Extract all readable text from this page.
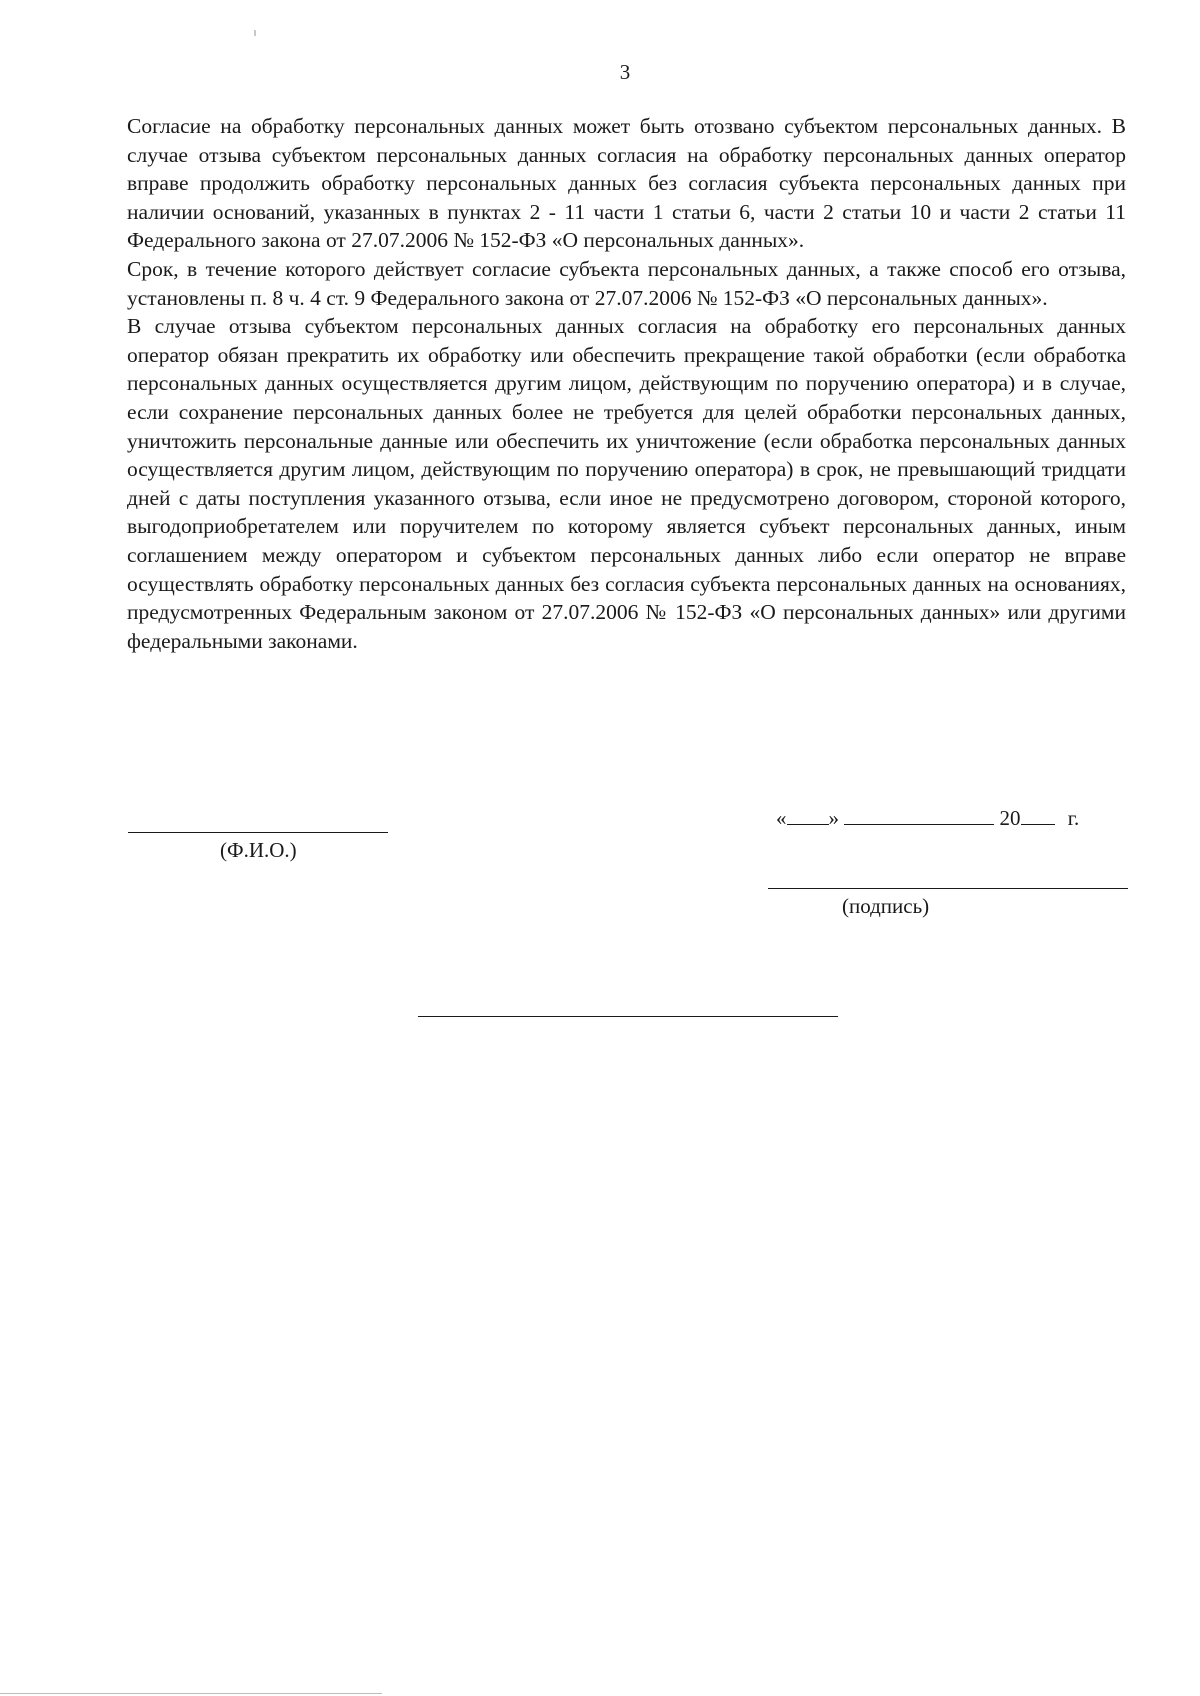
3

Согласие на обработку персональных данных может быть отозвано субъектом персональных данных. В случае отзыва субъектом персональных данных согласия на обработку персональных данных оператор вправе продолжить обработку персональных данных без согласия субъекта персональных данных при наличии оснований, указанных в пунктах 2 - 11 части 1 статьи 6, части 2 статьи 10 и части 2 статьи 11 Федерального закона от 27.07.2006 № 152-ФЗ «О персональных данных».

Срок, в течение которого действует согласие субъекта персональных данных, а также способ его отзыва, установлены п. 8 ч. 4 ст. 9 Федерального закона от 27.07.2006 № 152-ФЗ «О персональных данных».

В случае отзыва субъектом персональных данных согласия на обработку его персональных данных оператор обязан прекратить их обработку или обеспечить прекращение такой обработки (если обработка персональных данных осуществляется другим лицом, действующим по поручению оператора) и в случае, если сохранение персональных данных более не требуется для целей обработки персональных данных, уничтожить персональные данные или обеспечить их уничтожение (если обработка персональных данных осуществляется другим лицом, действующим по поручению оператора) в срок, не превышающий тридцати дней с даты поступления указанного отзыва, если иное не предусмотрено договором, стороной которого, выгодоприобретателем или поручителем по которому является субъект персональных данных, иным соглашением между оператором и субъектом персональных данных либо если оператор не вправе осуществлять обработку персональных данных без согласия субъекта персональных данных на основаниях, предусмотренных Федеральным законом от 27.07.2006 № 152-ФЗ «О персональных данных» или другими федеральными законами.

(Ф.И.О.)
« »	20 г.
(подпись)
